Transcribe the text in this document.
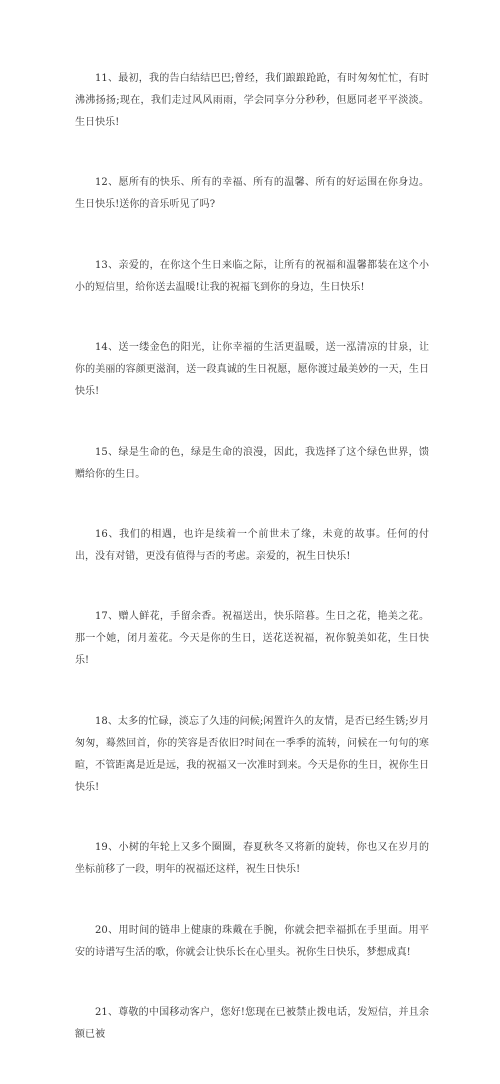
11、最初，我的告白结结巴巴;曾经，我们踉踉跄跄，有时匆匆忙忙，有时沸沸扬扬;现在，我们走过风风雨雨，学会同享分分秒秒，但愿同老平平淡淡。生日快乐!

12、愿所有的快乐、所有的幸福、所有的温馨、所有的好运围在你身边。生日快乐!送你的音乐听见了吗?

13、亲爱的，在你这个生日来临之际，让所有的祝福和温馨都装在这个小小的短信里，给你送去温暖!让我的祝福飞到你的身边，生日快乐!

14、送一缕金色的阳光，让你幸福的生活更温暖，送一泓清凉的甘泉，让你的美丽的容颜更滋润，送一段真诚的生日祝愿，愿你渡过最美妙的一天，生日快乐!

15、绿是生命的色，绿是生命的浪漫，因此，我选择了这个绿色世界，馈赠给你的生日。

16、我们的相遇，也许是续着一个前世未了缘，未竟的故事。任何的付出，没有对错，更没有值得与否的考虑。亲爱的，祝生日快乐!

17、赠人鲜花，手留余香。祝福送出，快乐陪暮。生日之花，艳美之花。那一个她，闭月羞花。今天是你的生日，送花送祝福，祝你貌美如花，生日快乐!

18、太多的忙碌，淡忘了久违的问候;闲置许久的友情，是否已经生锈;岁月匆匆，蓦然回首，你的笑容是否依旧?时间在一季季的流转，问候在一句句的寒暄，不管距离是近是远，我的祝福又一次准时到来。今天是你的生日，祝你生日快乐!

19、小树的年轮上又多个圈圈，春夏秋冬又将新的旋转，你也又在岁月的坐标前移了一段，明年的祝福还这样，祝生日快乐!

20、用时间的链串上健康的珠戴在手腕，你就会把幸福抓在手里面。用平安的诗谱写生活的歌，你就会让快乐长在心里头。祝你生日快乐，梦想成真!

21、尊敬的中国移动客户，您好!您现在已被禁止拨电话，发短信，并且余额已被
